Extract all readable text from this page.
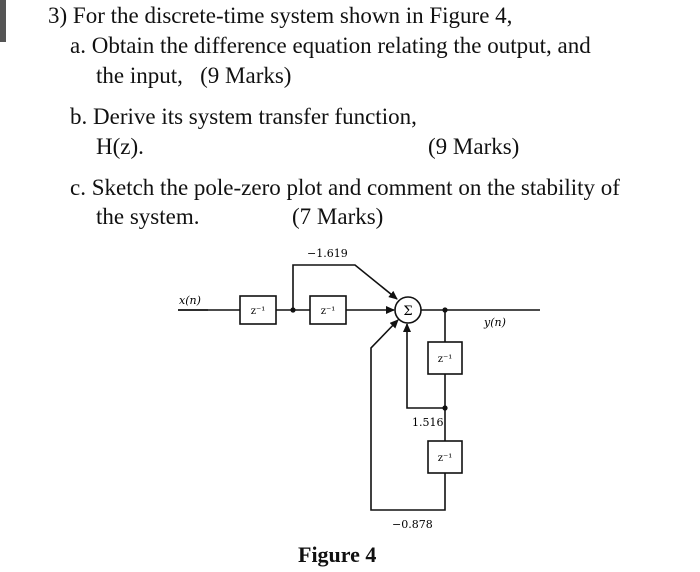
3) For the discrete-time system shown in Figure 4,
a. Obtain the difference equation relating the output, and
the input,   (9 Marks)
b. Derive its system transfer function,
H(z).	(9 Marks)
c. Sketch the pole-zero plot and comment on the stability of
the system.	(7 Marks)
x(n)
y(n)
z⁻¹	z⁻¹
z⁻¹
z⁻¹
Σ
−1.619
1.516
−0.878
Figure 4
